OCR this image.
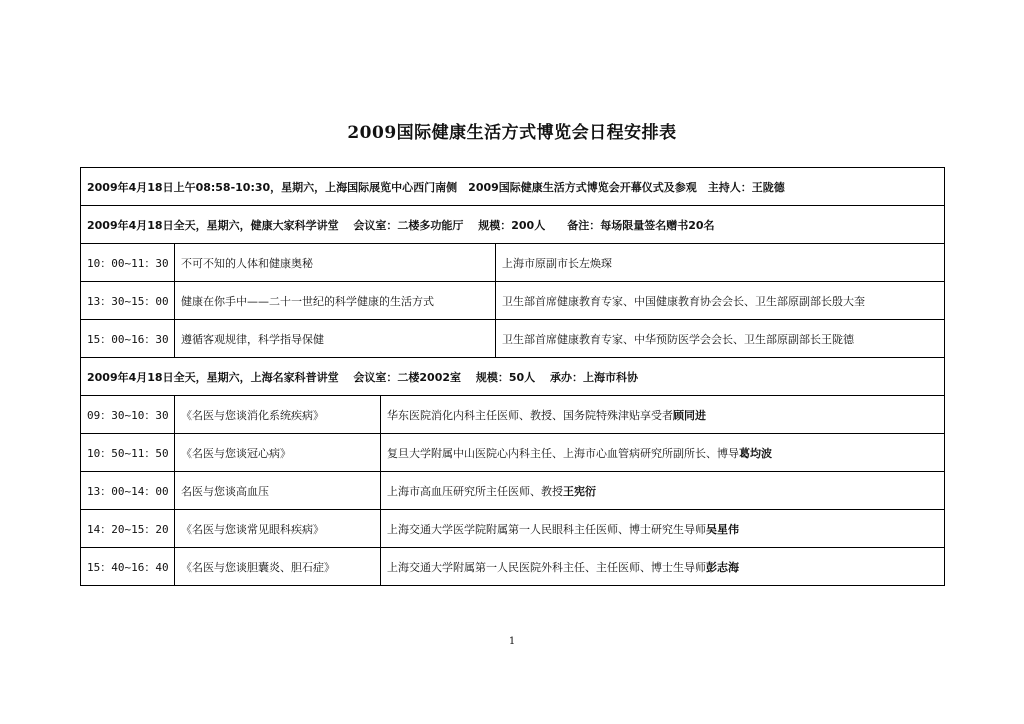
2009国际健康生活方式博览会日程安排表
2009年4月18日上午08:58-10:30，星期六，上海国际展览中心西门南侧　2009国际健康生活方式博览会开幕仪式及参观　主持人：王陇德			
2009年4月18日全天，星期六，健康大家科学讲堂　 会议室：二楼多功能厅　 规模：200人　　备注：每场限量签名赠书20名			
10：00~11：30	不可不知的人体和健康奥秘		上海市原副市长左焕琛
13：30~15：00	健康在你手中——二十一世纪的科学健康的生活方式		卫生部首席健康教育专家、中国健康教育协会会长、卫生部原副部长殷大奎
15：00~16：30	遵循客观规律，科学指导保健		卫生部首席健康教育专家、中华预防医学会会长、卫生部原副部长王陇德
2009年4月18日全天，星期六，上海名家科普讲堂　 会议室：二楼2002室　 规模：50人　 承办：上海市科协			
09：30~10：30	《名医与您谈消化系统疾病》	华东医院消化内科主任医师、教授、国务院特殊津贴享受者顾同进	
10：50~11：50	《名医与您谈冠心病》	复旦大学附属中山医院心内科主任、上海市心血管病研究所副所长、博导葛均波	
13：00~14：00	名医与您谈高血压	上海市高血压研究所主任医师、教授王宪衍	
14：20~15：20	《名医与您谈常见眼科疾病》	上海交通大学医学院附属第一人民眼科主任医师、博士研究生导师吴星伟	
15：40~16：40	《名医与您谈胆囊炎、胆石症》	上海交通大学附属第一人民医院外科主任、主任医师、博士生导师彭志海	
1
